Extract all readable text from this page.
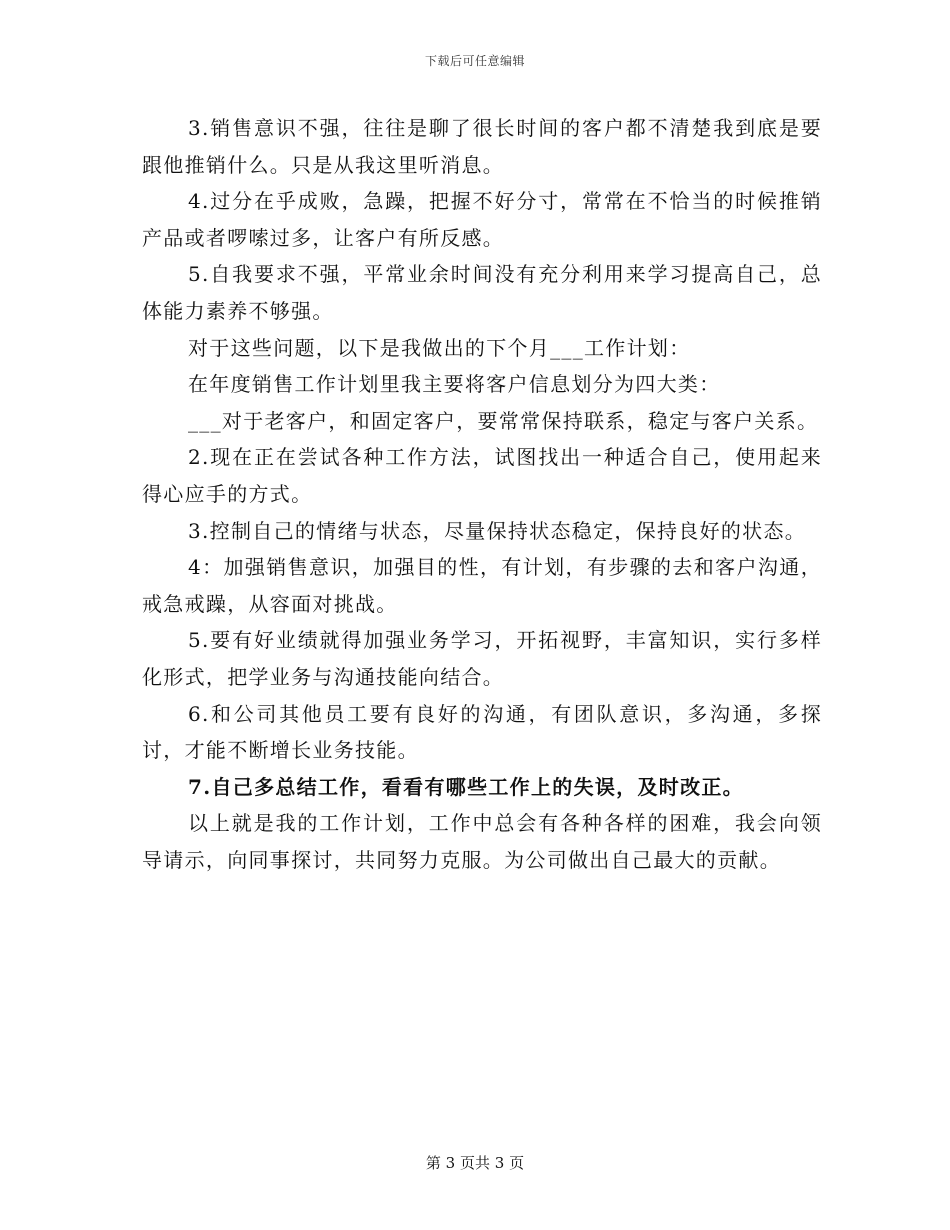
下载后可任意编辑

3.销售意识不强，往往是聊了很长时间的客户都不清楚我到底是要跟他推销什么。只是从我这里听消息。

4.过分在乎成败，急躁，把握不好分寸，常常在不恰当的时候推销产品或者啰嗦过多，让客户有所反感。

5.自我要求不强，平常业余时间没有充分利用来学习提高自己，总体能力素养不够强。

对于这些问题，以下是我做出的下个月___工作计划：

在年度销售工作计划里我主要将客户信息划分为四大类：

___对于老客户，和固定客户，要常常保持联系，稳定与客户关系。

2.现在正在尝试各种工作方法，试图找出一种适合自己，使用起来得心应手的方式。

3.控制自己的情绪与状态，尽量保持状态稳定，保持良好的状态。

4：加强销售意识，加强目的性，有计划，有步骤的去和客户沟通，戒急戒躁，从容面对挑战。

5.要有好业绩就得加强业务学习，开拓视野，丰富知识，实行多样化形式，把学业务与沟通技能向结合。

6.和公司其他员工要有良好的沟通，有团队意识，多沟通，多探讨，才能不断增长业务技能。

7.自己多总结工作，看看有哪些工作上的失误，及时改正。

以上就是我的工作计划，工作中总会有各种各样的困难，我会向领导请示，向同事探讨，共同努力克服。为公司做出自己最大的贡献。

第 3 页共 3 页
